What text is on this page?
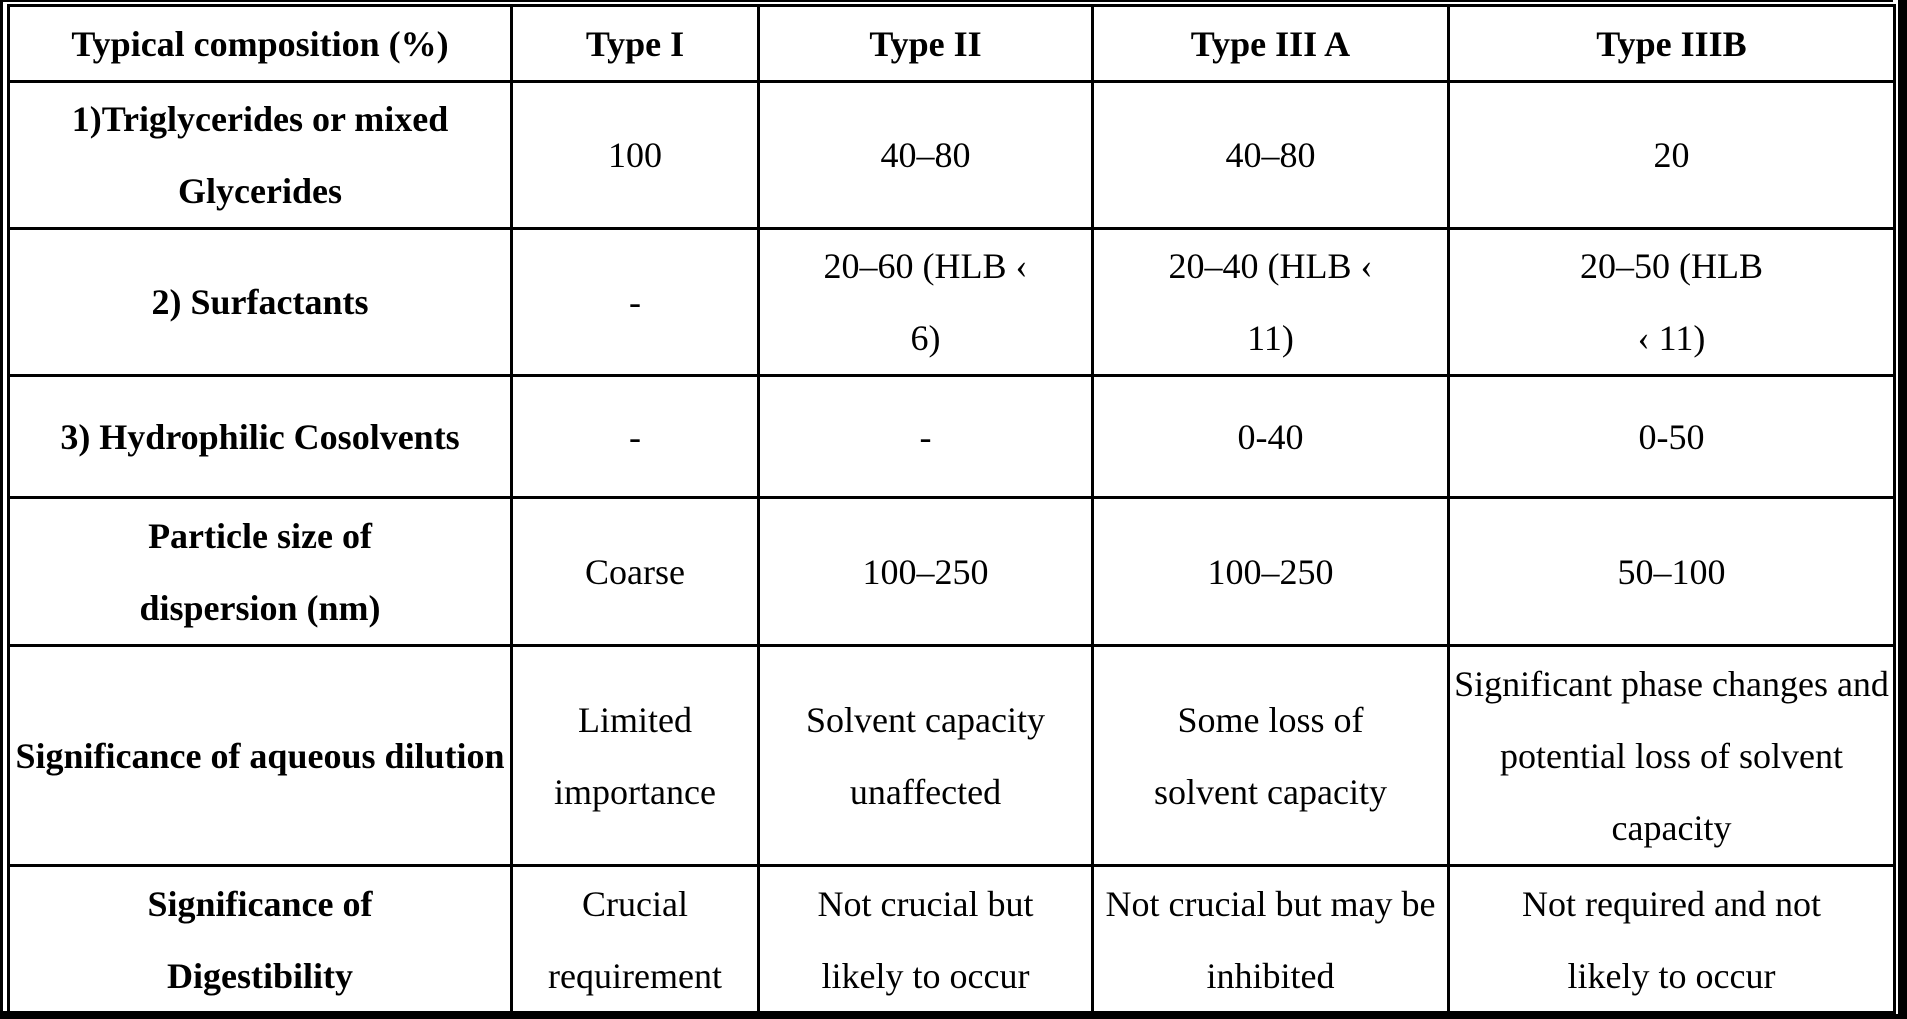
Typical composition (%)	Type I	Type II	Type III A	Type IIIB
1)Triglycerides or mixed Glycerides	100	40–80	40–80	20
2) Surfactants	-	20–60 (HLB ‹ 6)	20–40 (HLB ‹ 11)	20–50 (HLB ‹ 11)
3) Hydrophilic Cosolvents	-	-	0-40	0-50
Particle size of dispersion (nm)	Coarse	100–250	100–250	50–100
Significance of aqueous dilution	Limited importance	Solvent capacity unaffected	Some loss of solvent capacity	Significant phase changes and potential loss of solvent capacity
Significance of Digestibility	Crucial requirement	Not crucial but likely to occur	Not crucial but may be inhibited	Not required and not likely to occur
